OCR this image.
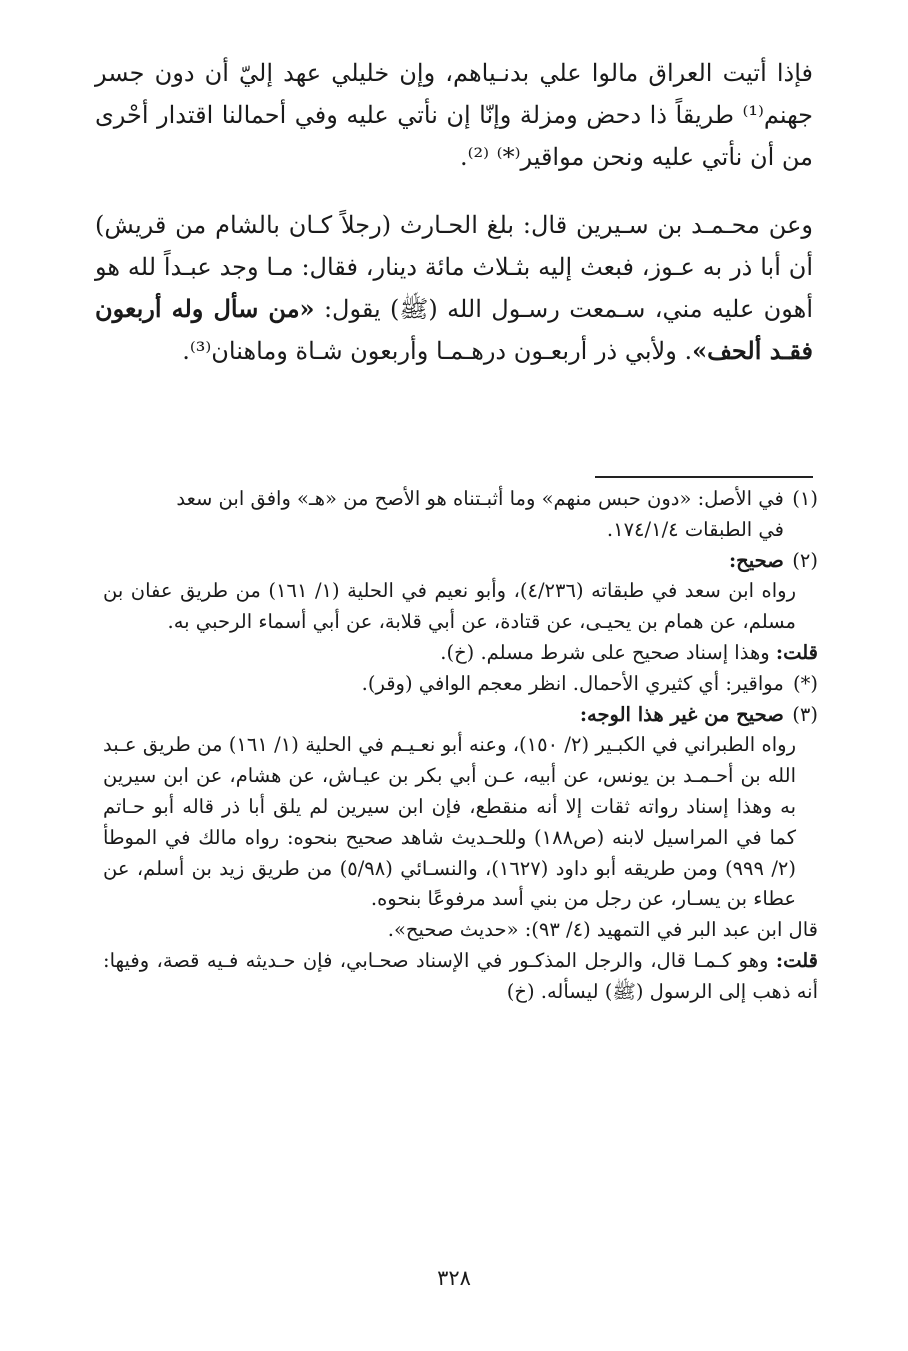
فإذا أتيت العراق مالوا علي بدنـياهم، وإن خليلي عهد إليّ أن دون جسر جهنم⁽¹⁾ طريقاً ذا دحض ومزلة وإنّا إن نأتي عليه وفي أحمالنا اقتدار أحْرى من أن نأتي عليه ونحن مواقير⁽*⁾ ⁽²⁾.

وعن محـمـد بن سـيرين قال: بلغ الحـارث (رجلاً كـان بالشام من قريش) أن أبا ذر به عـوز، فبعث إليه بثـلاث مائة دينار، فقال: مـا وجد عبـداً لله هو أهون عليه مني، سـمعت رسـول الله (ﷺ) يقول: «من سأل وله أربعون فقـد ألحف». ولأبي ذر أربعـون درهـمـا وأربعون شـاة وماهنان⁽³⁾.

(١) في الأصل: «دون حبس منهم» وما أثبـتناه هو الأصح من «هـ» وافق ابن سعد

في الطبقات ١٧٤/١/٤.

(٢) صحيح:

رواه ابن سعد في طبقاته (٤/٢٣٦)، وأبو نعيم في الحلية (١/ ١٦١) من طريق عفان بن مسلم، عن همام بن يحيـى، عن قتادة، عن أبي قلابة، عن أبي أسماء الرحبي به.

قلت: وهذا إسناد صحيح على شرط مسلم. (خ).

(*) مواقير: أي كثيري الأحمال. انظر معجم الوافي (وقر).

(٣) صحيح من غير هذا الوجه:

رواه الطبراني في الكبـير (٢/ ١٥٠)، وعنه أبو نعـيـم في الحلية (١/ ١٦١) من طريق عـبد الله بن أحـمـد بن يونس، عن أبيه، عـن أبي بكر بن عيـاش، عن هشام، عن ابن سيرين به وهذا إسناد رواته ثقات إلا أنه منقطع، فإن ابن سيرين لم يلق أبا ذر قاله أبو حـاتم كما في المراسيل لابنه (ص١٨٨) وللحـديث شاهد صحيح بنحوه: رواه مالك في الموطأ (٢/ ٩٩٩) ومن طريقه أبو داود (١٦٢٧)، والنسـائي (٥/٩٨) من طريق زيد بن أسلم، عن عطاء بن يسـار، عن رجل من بني أسد مرفوعًا بنحوه.

قال ابن عبد البر في التمهيد (٤/ ٩٣): «حديث صحيح».

قلت: وهو كـمـا قال، والرجل المذكـور في الإسناد صحـابي، فإن حـديثه فـيه قصة، وفيها: أنه ذهب إلى الرسول (ﷺ) ليسأله. (خ)

٣٢٨
